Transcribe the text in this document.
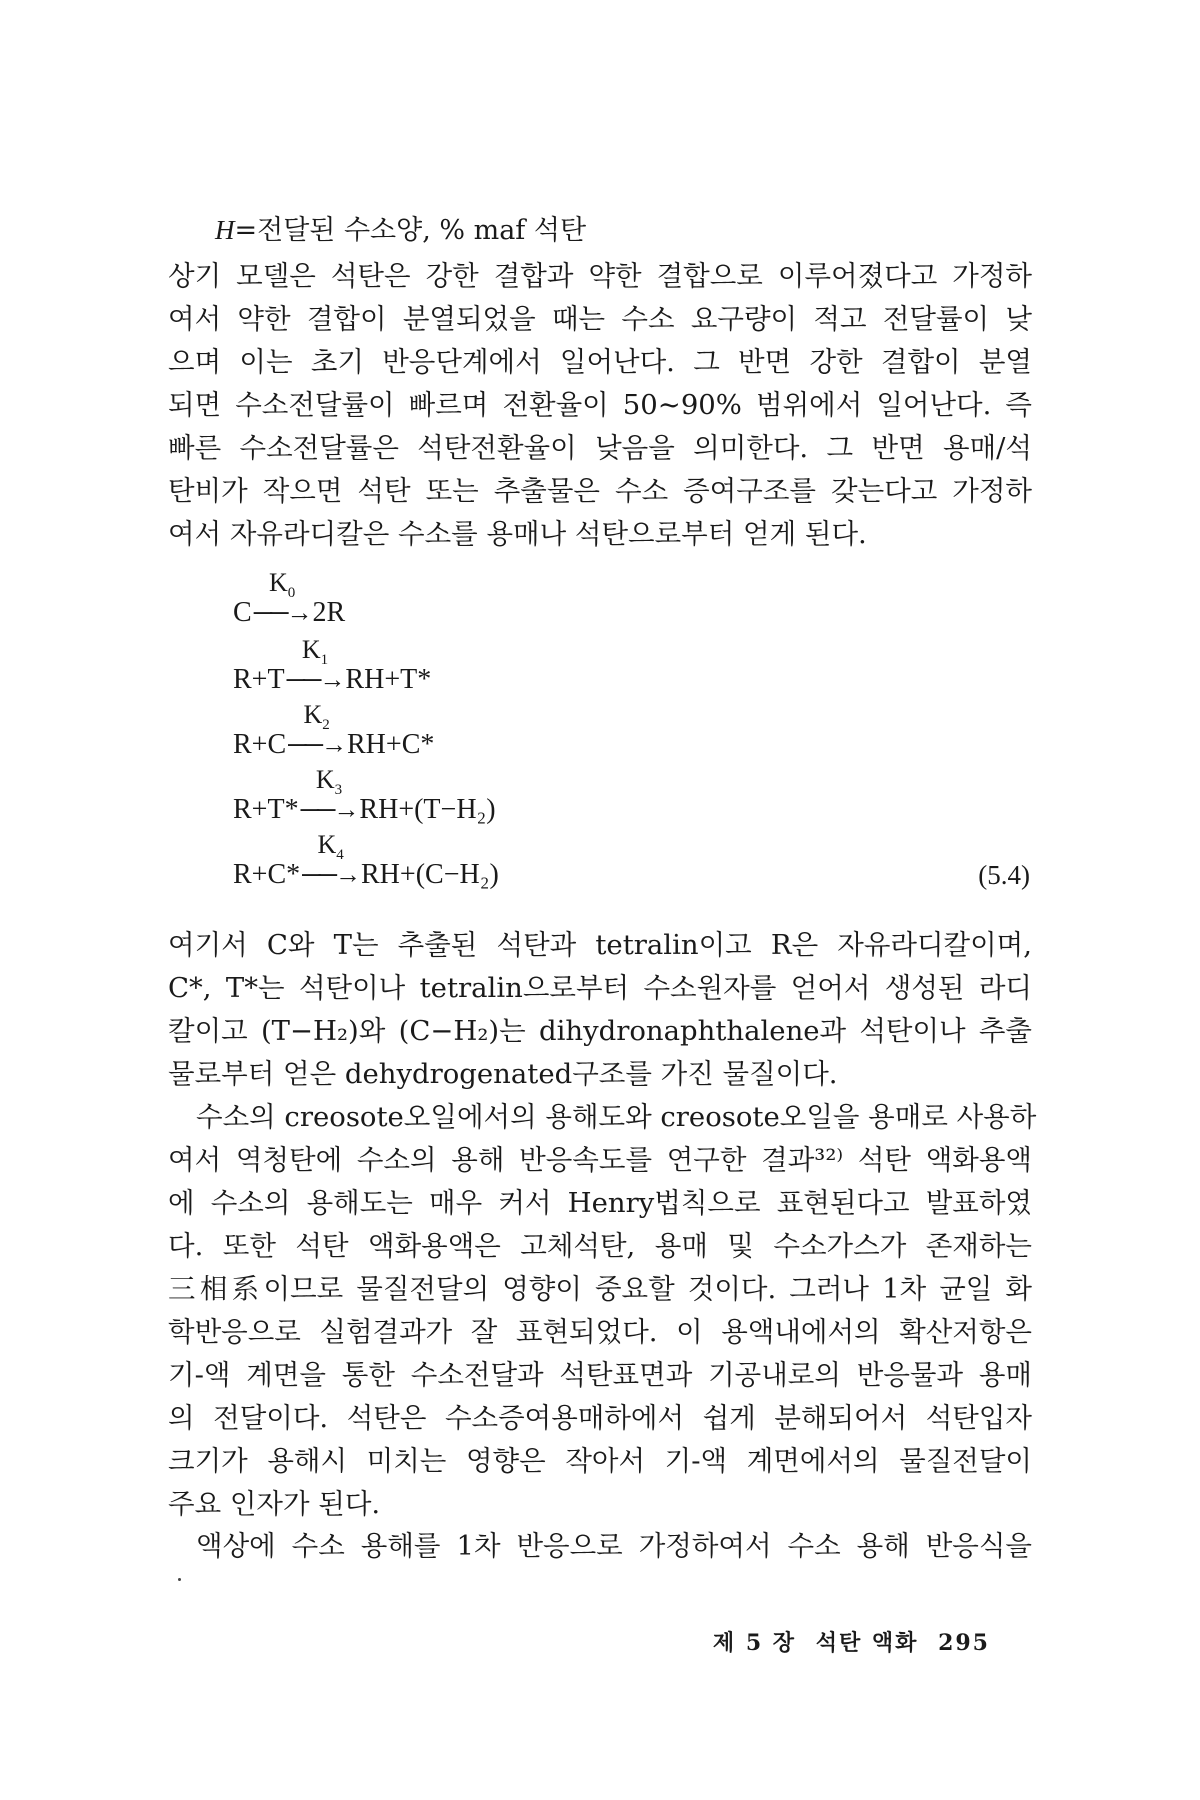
H=전달된 수소양, % maf 석탄
상기 모델은 석탄은 강한 결합과 약한 결합으로 이루어졌다고 가정하
여서 약한 결합이 분열되었을 때는 수소 요구량이 적고 전달률이 낮
으며 이는 초기 반응단계에서 일어난다. 그 반면 강한 결합이 분열
되면 수소전달률이 빠르며 전환율이 50∼90% 범위에서 일어난다. 즉
빠른 수소전달률은 석탄전환율이 낮음을 의미한다. 그 반면 용매/석
탄비가 작으면 석탄 또는 추출물은 수소 증여구조를 갖는다고 가정하
여서 자유라디칼은 수소를 용매나 석탄으로부터 얻게 된다.
C
$K_0$
──→2R
R+T
$K_1$
──→RH+T*
R+C
$K_2$
──→RH+C*
R+T*
$K_3$
──→RH+(T−H₂)
R+C*
$K_4$
──→RH+(C−H₂)	(5.4)
여기서 C와 T는 추출된 석탄과 tetralin이고 R은 자유라디칼이며,
C*, T*는 석탄이나 tetralin으로부터 수소원자를 얻어서 생성된 라디
칼이고 (T−H₂)와 (C−H₂)는 dihydronaphthalene과 석탄이나 추출
물로부터 얻은 dehydrogenated구조를 가진 물질이다.
수소의 creosote오일에서의 용해도와 creosote오일을 용매로 사용하
여서 역청탄에 수소의 용해 반응속도를 연구한 결과³²⁾ 석탄 액화용액
에 수소의 용해도는 매우 커서 Henry법칙으로 표현된다고 발표하였
다. 또한 석탄 액화용액은 고체석탄, 용매 및 수소가스가 존재하는
三相系이므로 물질전달의 영향이 중요할 것이다. 그러나 1차 균일 화
학반응으로 실험결과가 잘 표현되었다. 이 용액내에서의 확산저항은
기-액 계면을 통한 수소전달과 석탄표면과 기공내로의 반응물과 용매
의 전달이다. 석탄은 수소증여용매하에서 쉽게 분해되어서 석탄입자
크기가 용해시 미치는 영향은 작아서 기-액 계면에서의 물질전달이
주요 인자가 된다.
액상에 수소 용해를 1차 반응으로 가정하여서 수소 용해 반응식을
제 5 장 석탄 액화 295
